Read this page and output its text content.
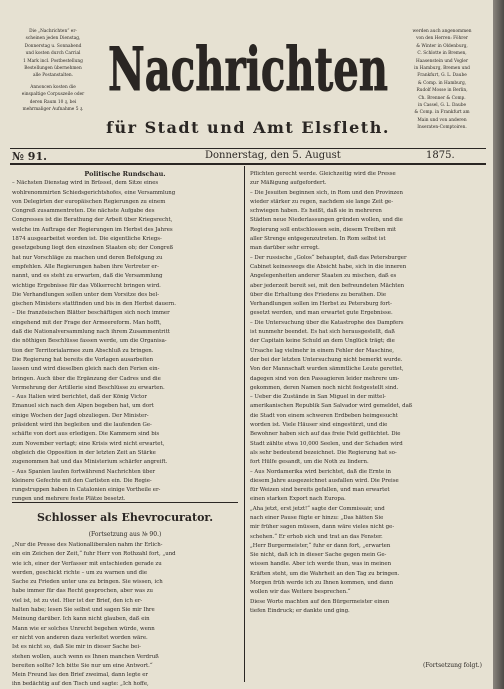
Die „Nachrichten“ er-
scheinen jeden Dienstag,
Donnerstag u. Sonnabend
und kosten durch Carrial
1 Mark incl. Postbestellung
Bestellungen übernehmen
alle Postanstalten.

Annoncen kosten die
einspaltige Corpuszeile oder
deren Raum 10 ₰, bei
mehrmaliger Aufnahme 5 ₰.

Nachrichten
für Stadt und Amt Elsfleth.

werden auch angenommen
von den Herren: Föhrer
& Winter in Oldenburg,
C. Schlotte in Bremen,
Haasenstein und Vogler
in Hamburg, Bremen und
Frankfurt, G. L. Daube
& Comp. in Hamburg,
Rudolf Mosse in Berlin,
Ch. Brenner & Comp.
in Cassel, G. L. Daube
& Comp. in Frankfurt am
Main und von anderen
Inseraten-Comptoiren.

№ 91.	Donnerstag, den 5. August	1875.
Politische Rundschau.
– Nächsten Dienstag wird in Brüssel, dem Sitze eines
wohlrenommirten Schiedsgerichtshofes, eine Versammlung
von Delegirten der europäischen Regierungen zu einem
Congreß zusammentreten. Die nächste Aufgabe des
Congresses ist die Berathung der Arbeit über Kriegsrecht,
welche im Auftrage der Regierungen im Herbst des Jahres
1874 ausgearbeitet worden ist. Die eigentliche Kriegs-
gesetzgebung liegt den einzelnen Staaten ob; der Congreß
hat nur Vorschläge zu machen und deren Befolgung zu
empfehlen. Alle Regierungen haben ihre Vertreter er-
nannt, und es steht zu erwarten, daß die Versammlung
wichtige Ergebnisse für das Völkerrecht bringen wird.
Die Verhandlungen sollen unter dem Vorsitze des bel-
gischen Ministers stattfinden und bis in den Herbst dauern.
– Die französischen Blätter beschäftigen sich noch immer
eingehend mit der Frage der Armeereform. Man hofft,
daß die Nationalversammlung nach ihrem Zusammentritt
die nöthigen Beschlüsse fassen werde, um die Organisa-
tion der Territorialarmee zum Abschluß zu bringen.
Die Regierung hat bereits die Vorlagen ausarbeiten
lassen und wird dieselben gleich nach den Ferien ein-
bringen. Auch über die Ergänzung der Cadres und die
Vermehrung der Artillerie sind Beschlüsse zu erwarten.
– Aus Italien wird berichtet, daß der König Victor
Emanuel sich nach den Alpen begeben hat, um dort
einige Wochen der Jagd obzuliegen. Der Minister-
präsident wird ihn begleiten und die laufenden Ge-
schäfte von dort aus erledigen. Die Kammern sind bis
zum November vertagt; eine Krisis wird nicht erwartet,
obgleich die Opposition in der letzten Zeit an Stärke
zugenommen hat und das Ministerium schärfer angreift.
– Aus Spanien laufen fortwährend Nachrichten über
kleinere Gefechte mit den Carlisten ein. Die Regie-
rungstruppen haben in Catalonien einige Vortheile er-
rungen und mehrere feste Plätze besetzt.
Pflichten gerecht werde. Gleichzeitig wird die Presse
zur Mäßigung aufgefordert.
– Die Jesuiten beginnen sich, in Rom und den Provinzen
wieder stärker zu regen, nachdem sie lange Zeit ge-
schwiegen haben. Es heißt, daß sie in mehreren
Städten neue Niederlassungen gründen wollen, und die
Regierung soll entschlossen sein, diesem Treiben mit
aller Strenge entgegenzutreten. In Rom selbst ist
man darüber sehr erregt.
– Der russische „Golos“ behauptet, daß das Petersburger
Cabinet keineswegs die Absicht habe, sich in die inneren
Angelegenheiten anderer Staaten zu mischen, daß es
aber jederzeit bereit sei, mit den befreundeten Mächten
über die Erhaltung des Friedens zu berathen. Die
Verhandlungen sollen im Herbst zu Petersburg fort-
gesetzt werden, und man erwartet gute Ergebnisse.
– Die Untersuchung über die Katastrophe des Dampfers
ist nunmehr beendet. Es hat sich herausgestellt, daß
der Capitain keine Schuld an dem Unglück trägt; die
Ursache lag vielmehr in einem Fehler der Maschine,
der bei der letzten Untersuchung nicht bemerkt wurde.
Von der Mannschaft wurden sämmtliche Leute gerettet,
dagegen sind von den Passagieren leider mehrere um-
gekommen, deren Namen noch nicht festgestellt sind.
– Ueber die Zustände in San Miguel in der mittel-
amerikanischen Republik San Salvador wird gemeldet, daß
die Stadt von einem schweren Erdbeben heimgesucht
worden ist. Viele Häuser sind eingestürzt, und die
Bewohner haben sich auf das freie Feld geflüchtet. Die
Stadt zählte etwa 10,000 Seelen, und der Schaden wird
als sehr bedeutend bezeichnet. Die Regierung hat so-
fort Hülfe gesandt, um die Noth zu lindern.
– Aus Nordamerika wird berichtet, daß die Ernte in
diesem Jahre ausgezeichnet ausfallen wird. Die Preise
für Weizen sind bereits gefallen, und man erwartet
einen starken Export nach Europa.
„Aha jetzt, erst jetzt!“ sagte der Commissair, und
nach einer Pause fügte er hinzu: „Das hätten Sie
mir früher sagen müssen, dann wäre vieles nicht ge-
schehen.“ Er erhob sich und trat an das Fenster.
„Herr Burgermeister,“ fuhr er dann fort, „erwarten
Sie nicht, daß ich in dieser Sache gegen mein Ge-
wissen handle. Aber ich werde thun, was in meinen
Kräften steht, um die Wahrheit an den Tag zu bringen.
Morgen früh werde ich zu Ihnen kommen, und dann
wollen wir das Weitere besprechen.“
Diese Worte machten auf den Bürgermeister einen
tiefen Eindruck; er dankte und ging.
Schlosser als Ehevrocurator.
(Fortsetzung aus № 90.)
„Nur die Presse des Nationalliberalen nahm ihr Erlich-
ein ein Zeichen der Zeit,“ fuhr Herr von Rothzahl fort, „und
wie ich, einer der Verfasser mit entschieden gerade zu
werden, geschickt richte – um zu warnen und die
Sache zu Frieden unter uns zu bringen. Sie wissen, ich
habe immer für das Recht gesprochen, aber was zu
viel ist, ist zu viel. Hier ist der Brief, den ich er-
halten habe; lesen Sie selbst und sagen Sie mir Ihre
Meinung darüber. Ich kann nicht glauben, daß ein
Mann wie er solches Unrecht begehen würde, wenn
er nicht von anderen dazu verleitet worden wäre.
Ist es nicht so, daß Sie mir in dieser Sache bei-
stehen wollen, auch wenn es Ihnen manchen Verdruß
bereiten sollte? Ich bitte Sie nur um eine Antwort.“
Mein Freund las den Brief zweimal, dann legte er
ihn bedächtig auf den Tisch und sagte: „Ich hoffe,
(Fortsetzung folgt.)
